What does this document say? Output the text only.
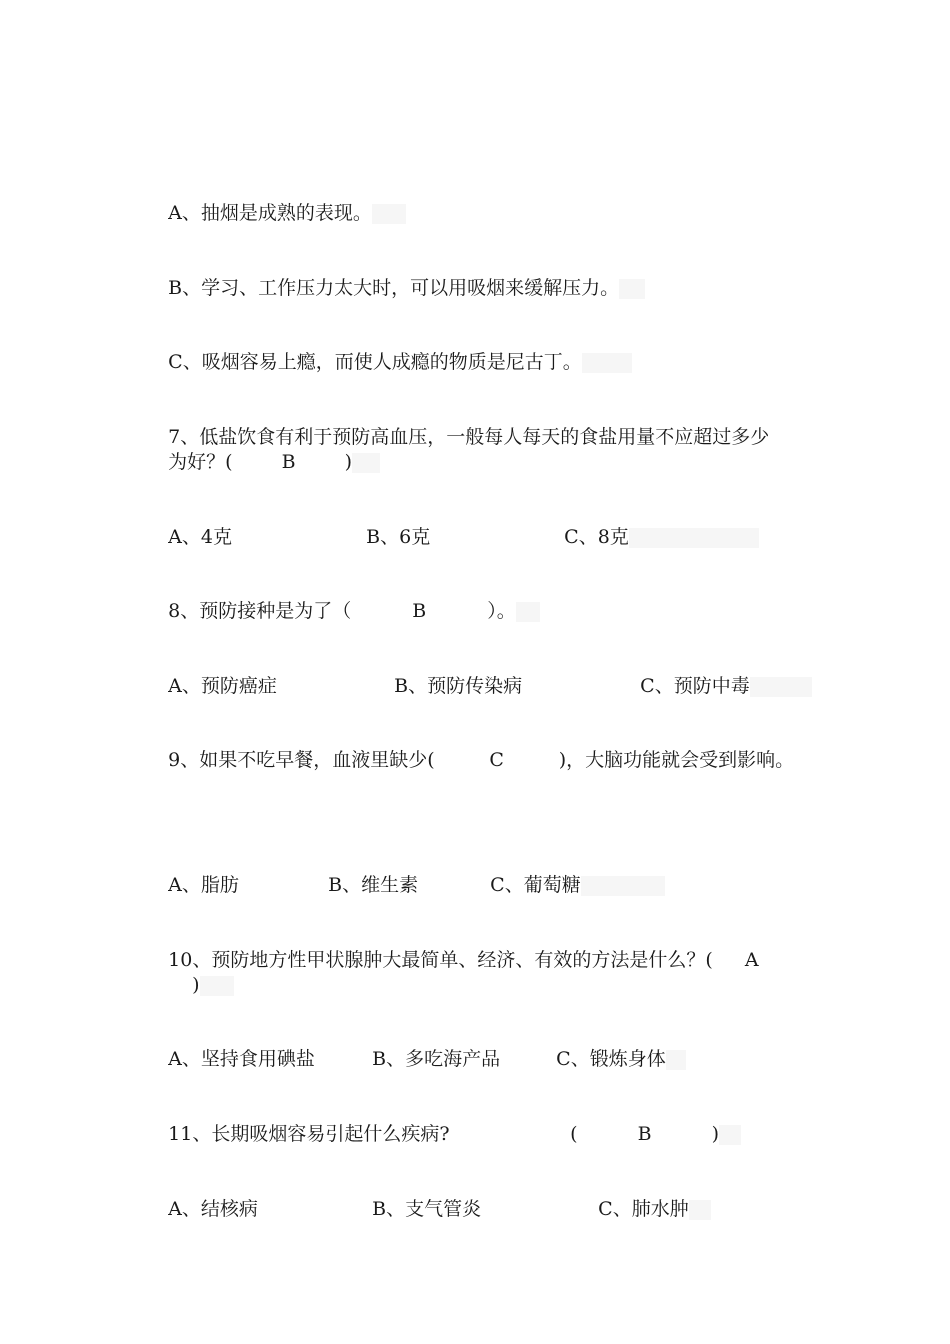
A、抽烟是成熟的表现。

B、学习、工作压力太大时，可以用吸烟来缓解压力。

C、吸烟容易上瘾，而使人成瘾的物质是尼古丁。

7、低盐饮食有利于预防高血压，一般每人每天的食盐用量不应超过多少

为好？(	B	)

A、4克	B、6克	C、8克

8、预防接种是为了（	B	）。

A、预防癌症	B、预防传染病	C、预防中毒

9、如果不吃早餐，血液里缺少(	C	)，大脑功能就会受到影响。

A、脂肪	B、维生素	C、葡萄糖

10、预防地方性甲状腺肿大最简单、经济、有效的方法是什么？( A

)

A、坚持食用碘盐	B、多吃海产品	C、锻炼身体

11、长期吸烟容易引起什么疾病?	(	B	)

A、结核病	B、支气管炎	C、肺水肿
